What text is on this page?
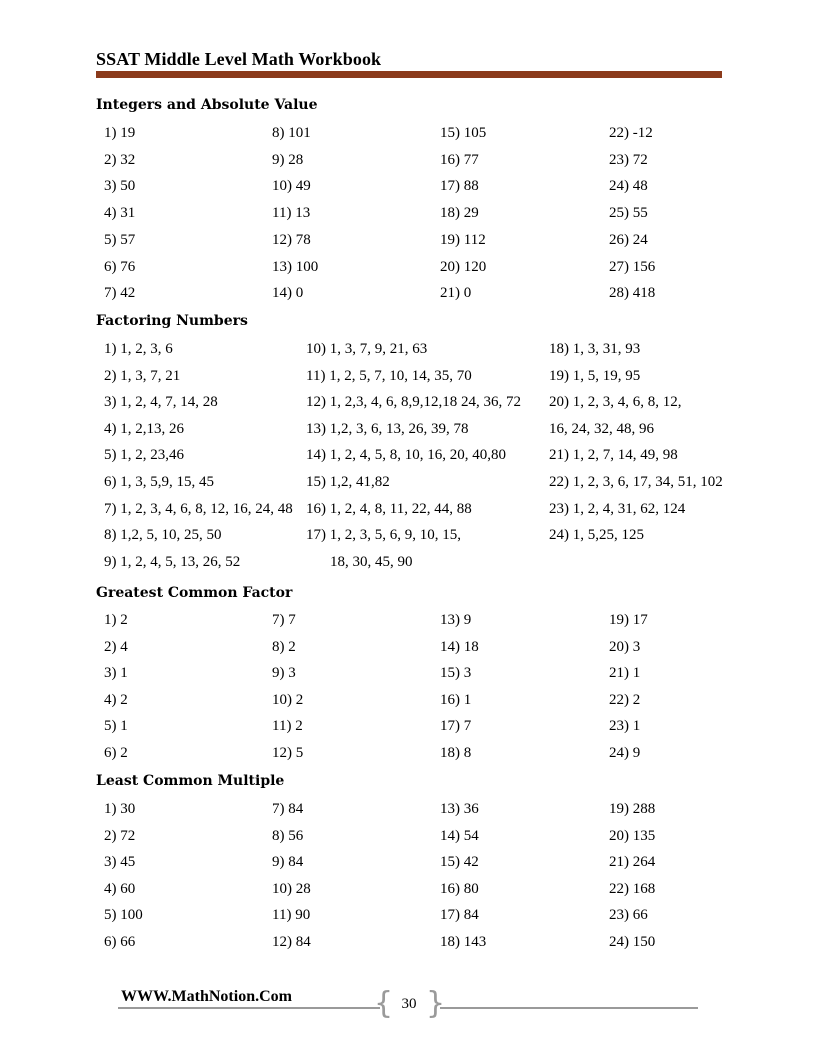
SSAT Middle Level Math Workbook
Integers and Absolute Value
1) 19
2) 32
3) 50
4) 31
5) 57
6) 76
7) 42
8) 101
9) 28
10) 49
11) 13
12) 78
13) 100
14) 0
15) 105
16) 77
17) 88
18) 29
19) 112
20) 120
21) 0
22) -12
23) 72
24) 48
25) 55
26) 24
27) 156
28) 418
Factoring Numbers
1) 1, 2, 3, 6
2) 1, 3, 7, 21
3) 1, 2, 4, 7, 14, 28
4) 1, 2,13, 26
5) 1, 2, 23,46
6) 1, 3, 5,9, 15, 45
7) 1, 2, 3, 4, 6, 8, 12, 16, 24, 48
8) 1,2, 5, 10, 25, 50
9) 1, 2, 4, 5, 13, 26, 52
10) 1, 3, 7, 9, 21, 63
11) 1, 2, 5, 7, 10, 14, 35, 70
12) 1, 2,3, 4, 6, 8,9,12,18 24, 36, 72
13) 1,2, 3, 6, 13, 26, 39, 78
14) 1, 2, 4, 5, 8, 10, 16, 20, 40,80
15) 1,2, 41,82
16) 1, 2, 4, 8, 11, 22, 44, 88
17) 1, 2, 3, 5, 6, 9, 10, 15,
18, 30, 45, 90
18) 1, 3, 31, 93
19) 1, 5, 19, 95
20) 1, 2, 3, 4, 6, 8, 12,
16, 24, 32, 48, 96
21) 1, 2, 7, 14, 49, 98
22) 1, 2, 3, 6, 17, 34, 51, 102
23) 1, 2, 4, 31, 62, 124
24) 1, 5,25, 125
Greatest Common Factor
1) 2
2) 4
3) 1
4) 2
5) 1
6) 2
7) 7
8) 2
9) 3
10) 2
11) 2
12) 5
13) 9
14) 18
15) 3
16) 1
17) 7
18) 8
19) 17
20) 3
21) 1
22) 2
23) 1
24) 9
Least Common Multiple
1) 30
2) 72
3) 45
4) 60
5) 100
6) 66
7) 84
8) 56
9) 84
10) 28
11) 90
12) 84
13) 36
14) 54
15) 42
16) 80
17) 84
18) 143
19) 288
20) 135
21) 264
22) 168
23) 66
24) 150
WWW.MathNotion.Com	{ }
30
